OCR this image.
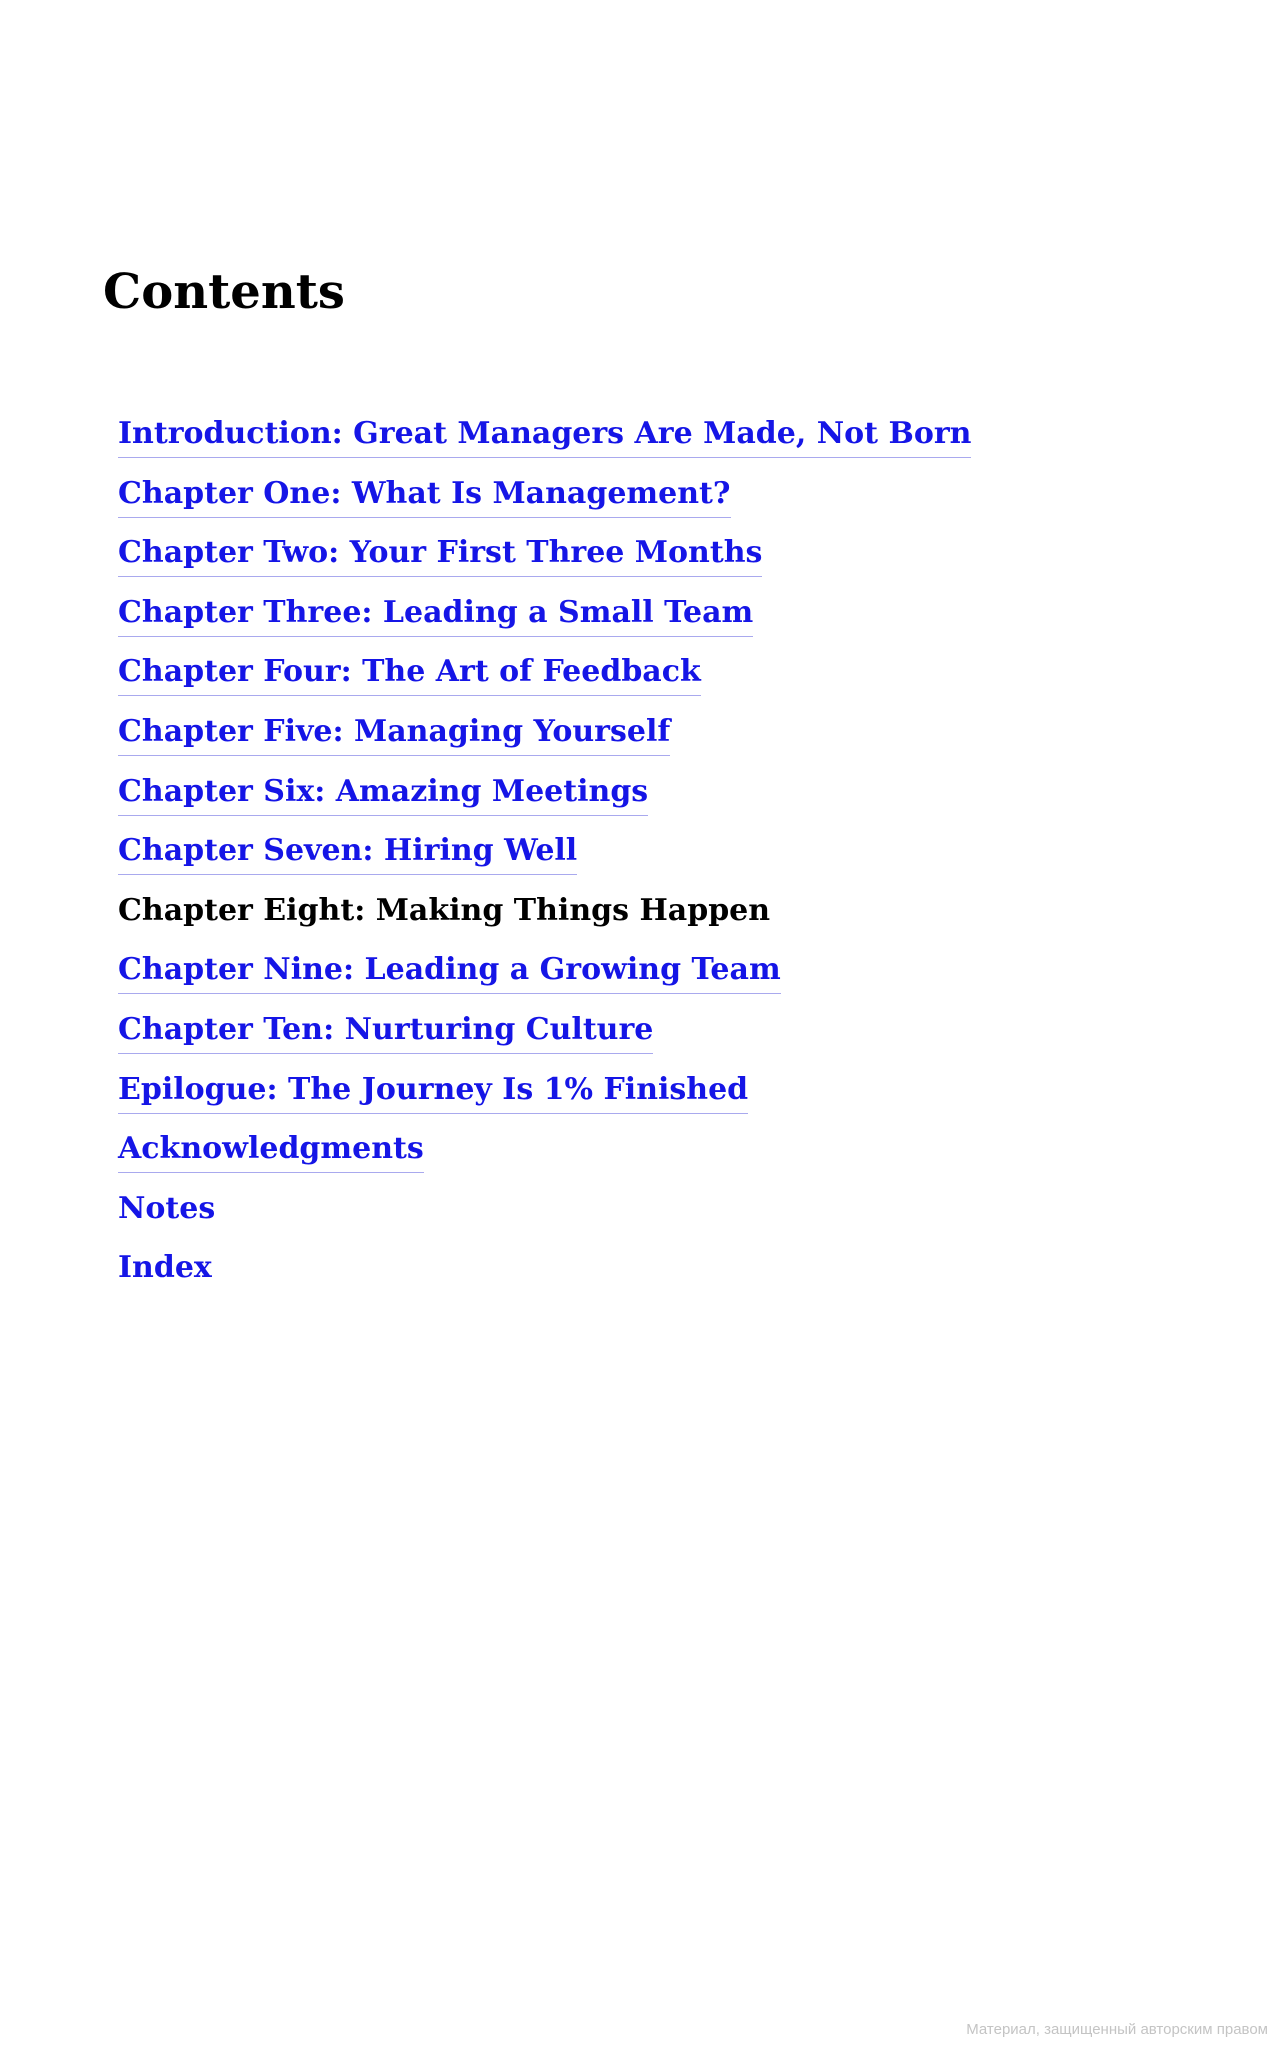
Contents
Introduction: Great Managers Are Made, Not Born
Chapter One: What Is Management?
Chapter Two: Your First Three Months
Chapter Three: Leading a Small Team
Chapter Four: The Art of Feedback
Chapter Five: Managing Yourself
Chapter Six: Amazing Meetings
Chapter Seven: Hiring Well
Chapter Eight: Making Things Happen
Chapter Nine: Leading a Growing Team
Chapter Ten: Nurturing Culture
Epilogue: The Journey Is 1% Finished
Acknowledgments
Notes
Index
Материал, защищенный авторским правом
